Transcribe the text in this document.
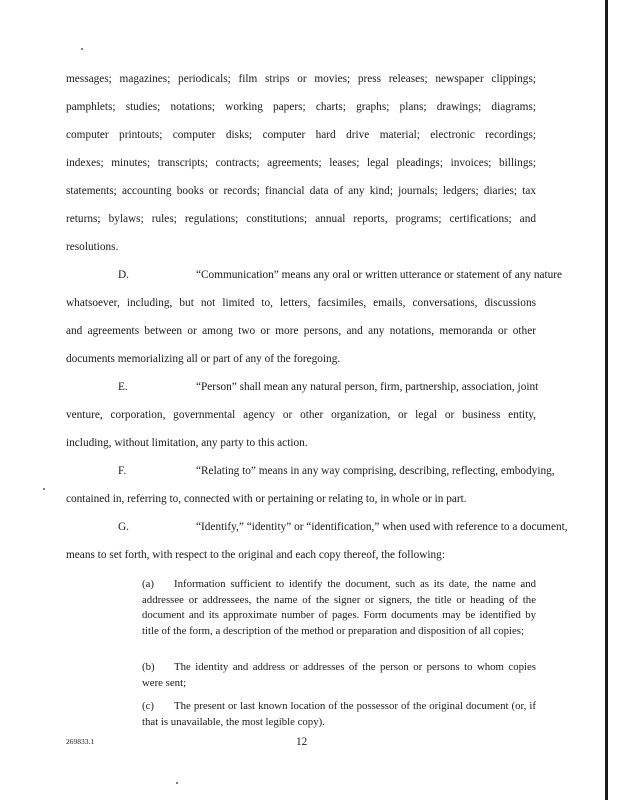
messages; magazines; periodicals; film strips or movies; press releases; newspaper clippings;
pamphlets; studies; notations; working papers; charts; graphs; plans; drawings; diagrams;
computer printouts; computer disks; computer hard drive material; electronic recordings;
indexes; minutes; transcripts; contracts; agreements; leases; legal pleadings; invoices; billings;
statements; accounting books or records; financial data of any kind; journals; ledgers; diaries; tax
returns; bylaws; rules; regulations; constitutions; annual reports, programs; certifications; and
resolutions.
D.	“Communication” means any oral or written utterance or statement of any nature
whatsoever, including, but not limited to, letters, facsimiles, emails, conversations, discussions
and agreements between or among two or more persons, and any notations, memoranda or other
documents memorializing all or part of any of the foregoing.
E.	“Person” shall mean any natural person, firm, partnership, association, joint
venture, corporation, governmental agency or other organization, or legal or business entity,
including, without limitation, any party to this action.
F.	“Relating to” means in any way comprising, describing, reflecting, embodying,
contained in, referring to, connected with or pertaining or relating to, in whole or in part.
G.	“Identify,” “identity” or “identification,” when used with reference to a document,
means to set forth, with respect to the original and each copy thereof, the following:
(a)	Information sufficient to identify the document, such as its date, the name and addressee or addressees, the name of the signer or signers, the title or heading of the document and its approximate number of pages. Form documents may be identified by title of the form, a description of the method or preparation and disposition of all copies;
(b)	The identity and address or addresses of the person or persons to whom copies were sent;
(c)	The present or last known location of the possessor of the original document (or, if that is unavailable, the most legible copy).
269833.1	12
